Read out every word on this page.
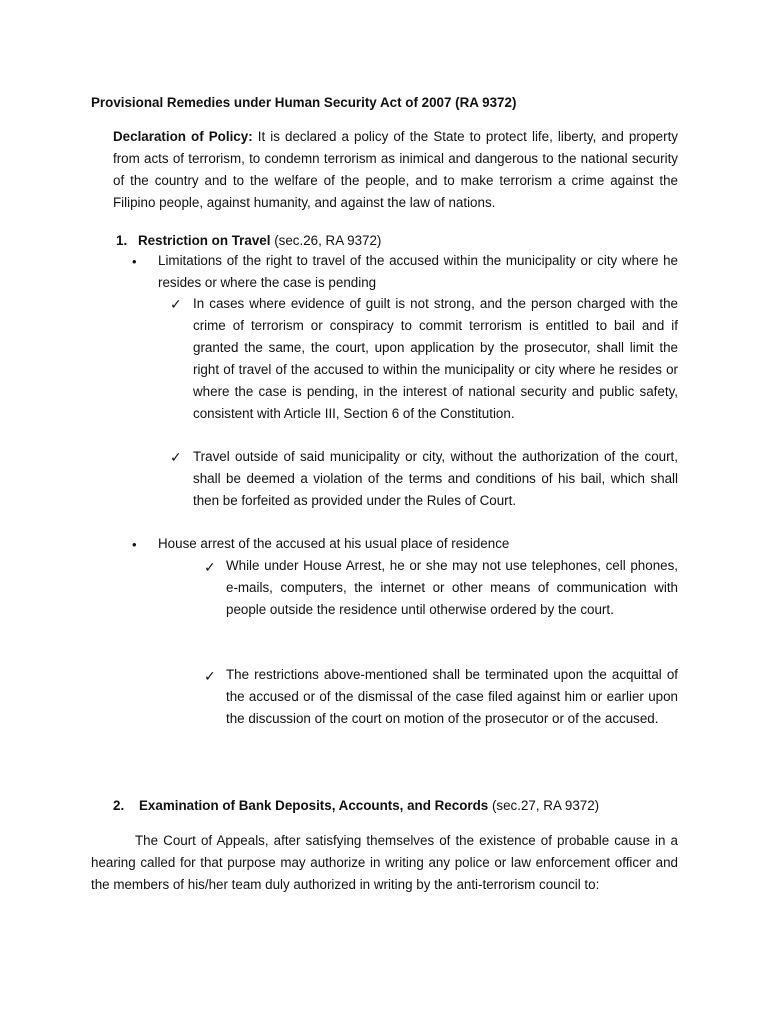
Provisional Remedies under Human Security Act of 2007 (RA 9372)
Declaration of Policy: It is declared a policy of the State to protect life, liberty, and property from acts of terrorism, to condemn terrorism as inimical and dangerous to the national security of the country and to the welfare of the people, and to make terrorism a crime against the Filipino people, against humanity, and against the law of nations.
1. Restriction on Travel (sec.26, RA 9372)
• Limitations of the right to travel of the accused within the municipality or city where he resides or where the case is pending
✓ In cases where evidence of guilt is not strong, and the person charged with the crime of terrorism or conspiracy to commit terrorism is entitled to bail and if granted the same, the court, upon application by the prosecutor, shall limit the right of travel of the accused to within the municipality or city where he resides or where the case is pending, in the interest of national security and public safety, consistent with Article III, Section 6 of the Constitution.
✓ Travel outside of said municipality or city, without the authorization of the court, shall be deemed a violation of the terms and conditions of his bail, which shall then be forfeited as provided under the Rules of Court.
• House arrest of the accused at his usual place of residence
✓ While under House Arrest, he or she may not use telephones, cell phones, e-mails, computers, the internet or other means of communication with people outside the residence until otherwise ordered by the court.
✓ The restrictions above-mentioned shall be terminated upon the acquittal of the accused or of the dismissal of the case filed against him or earlier upon the discussion of the court on motion of the prosecutor or of the accused.
2. Examination of Bank Deposits, Accounts, and Records (sec.27, RA 9372)
The Court of Appeals, after satisfying themselves of the existence of probable cause in a hearing called for that purpose may authorize in writing any police or law enforcement officer and the members of his/her team duly authorized in writing by the anti-terrorism council to:
